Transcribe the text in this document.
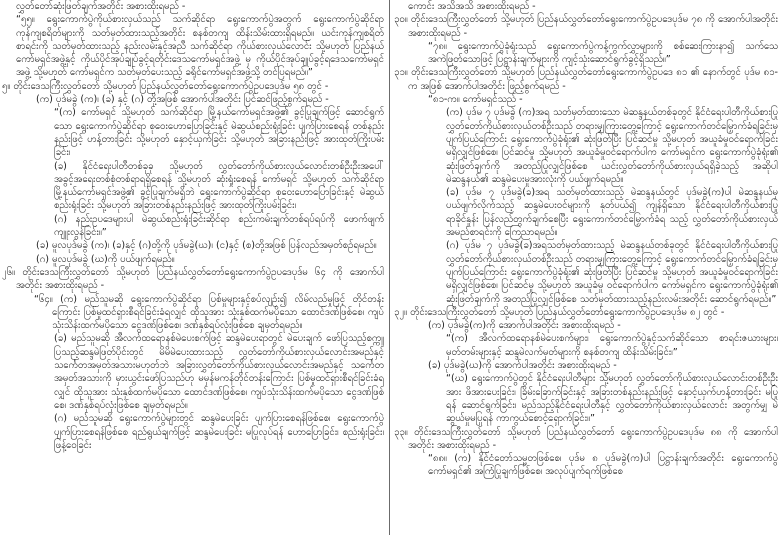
လွှတ်တော်ဆုံးဖြတ်ချက်အတိုင်း အစားထိုးရမည် -

“၅၅။ ရွေးကောက်ပွဲကိုယ်စားလှယ်သည် သက်ဆိုင်ရာ ရွေးကောက်ပွဲအတွက် ရွေးကောက်ပွဲဆိုင်ရာ ကုန်ကျစရိတ်များကို သတ်မှတ်ထားသည့်အတိုင်း စနစ်တကျ ထိန်းသိမ်းထားရှိရမည်။ ယင်းကုန်ကျစရိတ်စာရင်းကို သတ်မှတ်ထားသည့် နည်းလမ်းနှင့်အညီ သက်ဆိုင်ရာ ကိုယ်စားလှယ်လောင်း သို့မဟုတ် ပြည်နယ်ကော်မရှင်အဖွဲ့နှင့် ကိုယ်ပိုင်အုပ်ချုပ်ခွင့်ရတိုင်းဒေသကော်မရှင်အဖွဲ့ မှ ကိုယ်ပိုင်အုပ်ချုပ်ခွင့်ရဒေသကော်မရှင်အဖွဲ့ သို့မဟုတ် ကော်မရှင်က သတ်မှတ်ပေးသည့် ခရိုင်ကော်မရှင်အဖွဲ့သို့ တင်ပြရမည်။”

၅။ တိုင်းဒေသကြီးလွှတ်တော် သို့မဟုတ် ပြည်နယ်လွှတ်တော်ရွေးကောက်ပွဲဥပဒေပုဒ်မ ၅၈ တွင် -

(က) ပုဒ်မခွဲ (က)၊ (ခ) နှင့် (ဂ) တို့အဖြစ် အောက်ပါအတိုင်း ပြင်ဆင်ဖြည့်စွက်ရမည် -

“(က) ကော်မရှင် သို့မဟုတ် သက်ဆိုင်ရာ မြို့နယ်ကော်မရှင်အဖွဲ့၏ ခွင့်ပြုချက်ဖြင့် ဆောင်ရွက်သော ရွေးကောက်ပွဲဆိုင်ရာ စုဝေးဟောပြောခြင်းနှင့် မဲဆွယ်စည်းရုံးခြင်း ပျက်ပြားစေရန် တစ်နည်းနည်းဖြင့် ဟန့်တားခြင်း သို့မဟုတ် နှောင့်ယှက်ခြင်း သို့မဟုတ် အခြားနည်းဖြင့် အားထုတ်ကြိုးပမ်းခြင်း၊

(ခ) နိုင်ငံရေးပါတီတစ်ခုခု သို့မဟုတ် လွှတ်တော်ကိုယ်စားလှယ်လောင်းတစ်ဦးဦးအပေါ် အခွင့်အရေးတစ်စုံတစ်ရာရရှိစေရန် သို့မဟုတ် ဆုံးရှုံးစေရန် ကော်မရှင် သို့မဟုတ် သက်ဆိုင်ရာ မြို့နယ်ကော်မရှင်အဖွဲ့၏ ခွင့်ပြုချက်မရှိဘဲ ရွေးကောက်ပွဲဆိုင်ရာ စုဝေးဟောပြောခြင်းနှင့် မဲဆွယ်စည်းရုံးခြင်း သို့မဟုတ် အခြားတစ်နည်းနည်းဖြင့် အားထုတ်ကြိုးပမ်းခြင်း၊

(ဂ) နည်းဥပဒေများပါ မဲဆွယ်စည်းရုံးခြင်းဆိုင်ရာ စည်းကမ်းချက်တစ်ရပ်ရပ်ကို ဖောက်ဖျက်ကျူးလွန်ခြင်း။”

(ခ) မူလပုဒ်မခွဲ (က)၊ (ခ)နှင့် (ဂ)တို့ကို ပုဒ်မခွဲ(ဃ)၊ (င)နှင့် (စ)တို့အဖြစ် ပြန်လည်အမှတ်စဉ်ရမည်။

(ဂ) မူလပုဒ်မခွဲ (ဃ)ကို ပယ်ဖျက်ရမည်။

၂၆။ တိုင်းဒေသကြီးလွှတ်တော် သို့မဟုတ် ပြည်နယ်လွှတ်တော်ရွေးကောက်ပွဲဥပဒေပုဒ်မ ၆၄ ကို အောက်ပါအတိုင်း အစားထိုးရမည် -

“၆၄။ (က) မည်သူမဆို ရွေးကောက်ပွဲဆိုင်ရာ ပြစ်မှုများနှင့်စပ်လျဉ်း၍ လိမ်လည်မှုဖြင့် တိုင်တန်းကြောင်း ပြစ်မှုထင်ရှားစီရင်ခြင်းခံရလျှင် ထိုသူအား သုံးနှစ်ထက်မပိုသော ထောင်ဒဏ်ဖြစ်စေ၊ ကျပ်သုံးသိန်းထက်မပိုသော ငွေဒဏ်ဖြစ်စေ၊ ဒဏ်နှစ်ရပ်လုံးဖြစ်စေ ချမှတ်ရမည်။

(ခ) မည်သူမဆို အီလက်ထရောနစ်မဲပေးစက်ဖြင့် ဆန္ဒမဲပေးရာတွင် မဲပေးချက် ဖော်ပြသည့်စက္ကူ ပြသည့်ဆန္ဒမဲဖြတ်ပိုင်းတွင် မိမိမဲပေးထားသည့် လွှတ်တော်ကိုယ်စားလှယ်လောင်းအမည်နှင့် သင်္ကေတအမှတ်အသားမဟုတ်ဘဲ အခြားလွှတ်တော်ကိုယ်စားလှယ်လောင်းအမည်နှင့် သင်္ကေတအမှတ်အသားကို မှားယွင်းဖော်ပြသည်ဟု မမှန်မကန်တိုင်တန်းကြောင်း ပြစ်မှုထင်ရှားစီရင်ခြင်းခံရလျှင် ထိုသူအား သုံးနှစ်ထက်မပိုသော ထောင်ဒဏ်ဖြစ်စေ၊ ကျပ်သုံးသိန်းထက်မပိုသော ငွေဒဏ်ဖြစ်စေ၊ ဒဏ်နှစ်ရပ်လုံးဖြစ်စေ ချမှတ်ရမည်။

(ဂ) မည်သူမဆို ရွေးကောက်ပွဲများတွင် ဆန္ဒမဲပေးခြင်း ပျက်ပြားစေရန်ဖြစ်စေ၊ ရွေးကောက်ပွဲပျက်ပြားစေရန်ဖြစ်စေ ရည်ရွယ်ချက်ဖြင့် ဆန္ဒမဲပေးခြင်း မပြုလုပ်ရန် ဟောပြောခြင်း၊ စည်းရုံးခြင်း၊ ဖြန့်ဝေခြင်း

ကောင်း အသိအသိ အစားထိုးရမည် -

၃၀။ တိုင်းဒေသကြီးလွှတ်တော် သို့မဟုတ် ပြည်နယ်လွှတ်တော်ရွေးကောက်ပွဲဥပဒေပုဒ်မ ၇၈ ကို အောက်ပါအတိုင်း အစားထိုးရမည် -

“၇၈။ ရွေးကောက်ပွဲခုံရုံးသည် ရွေးကောက်ပွဲကန့်ကွက်လွှာများကို စစ်ဆေးကြားနာ၍ သက်သေအကဲဖြတ်သောဖြင့် ပြဋ္ဌာန်းချက်များကို ကျင့်သုံးဆောင်ရွက်ခွင့်ရှိသည်။”

၃၁။ တိုင်းဒေသကြီးလွှတ်တော် သို့မဟုတ် ပြည်နယ်လွှတ်တော်ရွေးကောက်ပွဲဥပဒေ ၈၁ ၏ နောက်တွင် ပုဒ်မ ၈၁-က အဖြစ် အောက်ပါအတိုင်း ဖြည့်စွက်ရမည် -

“၈၁-က။ ကော်မရှင်သည် -

(က) ပုဒ်မ ၇ ပုဒ်မခွဲ (က)အရ သတ်မှတ်ထားသော မဲဆန္ဒနယ်တစ်ခုတွင် နိုင်ငံရေးပါတီကိုယ်စားပြုလွှတ်တော်ကိုယ်စားလှယ်တစ်ဦးသည် တရားမျှကြားတွေ့ကြောင့် ရွေးကောက်တင်မြှောက်ခံရခြင်းမှ ပျက်ပြယ်ကြောင်း ရွေးကောက်ပွဲခုံရုံး၏ ဆုံးဖြတ်ပြီး ပြင်ဆင်မှု သို့မဟုတ် အယူခံမှုဝင်ရောက်ခြင်း မရှိလျှင်ဖြစ်စေ၊ ပြင်ဆင်မှု သို့မဟုတ် အယူခံမှုဝင်ရောက်ပါက ကော်မရှင်က ရွေးကောက်ပွဲခုံရုံး၏ ဆုံးဖြတ်ချက်ကို အတည်ပြုလျှင်ဖြစ်စေ ယင်းလွှတ်တော်ကိုယ်စားလှယ်ရရှိခဲ့သည့် အဆိုပါမဲဆန္ဒနယ်၏ ဆန္ဒမဲပေးမှုအားလုံးကို ပယ်ဖျက်ရမည်။

(ခ) ပုဒ်မ ၇ ပုဒ်မခွဲ(ခ)အရ သတ်မှတ်ထားသည့် မဲဆန္ဒနယ်တွင် ပုဒ်မခွဲ(က)ပါ မဲဆန္ဒနယ်မှ ပယ်ဖျက်လိုက်သည့် ဆန္ဒမဲပေးဝင်များကို နုတ်ပယ်၍ ကျန်ရှိသော နိုင်ငံရေးပါတီကိုယ်စားပြု ရာခိုင်နှုန်း ပြန်လည်တွက်ချက်စေပြီး ရွေးကောက်တင်မြှောက်ခံရ သည့် လွှတ်တော်ကိုယ်စားလှယ်အမည်စာရင်းကို ကြေညာရမည်။

(ဂ) ပုဒ်မ ၇ ပုဒ်မခွဲ(ခ)အရသတ်မှတ်ထားသည့် မဲဆန္ဒနယ်တစ်ခုတွင် နိုင်ငံရေးပါတီကိုယ်စားပြုလွှတ်တော်ကိုယ်စားလှယ်တစ်ဦးသည် တရားမျှကြားတွေ့ကြောင့် ရွေးကောက်တင်မြှောက်ခံရခြင်းမှ ပျက်ပြယ်ကြောင်း ရွေးကောက်ပွဲခုံရုံး၏ ဆုံးဖြတ်ပြီး ပြင်ဆင်မှု သို့မဟုတ် အယူခံမှုဝင်ရောက်ခြင်း မရှိလျှင်ဖြစ်စေ၊ ပြင်ဆင်မှု သို့မဟုတ် အယူခံမှု ဝင်ရောက်ပါက ကော်မရှင်က ရွေးကောက်ပွဲခုံရုံး၏ ဆုံးဖြတ်ချက်ကို အတည်ပြုလျှင်ဖြစ်စေ သတ်မှတ်ထားသည့်နည်းလမ်းအတိုင်း ဆောင်ရွက်ရမည်။”

၃၂။ တိုင်းဒေသကြီးလွှတ်တော် သို့မဟုတ် ပြည်နယ်လွှတ်တော်ရွေးကောက်ပွဲဥပဒေပုဒ်မ ၈၂ တွင် -

(က) ပုဒ်မခွဲ(က)ကို အောက်ပါအတိုင်း အစားထိုးရမည် -

“(က) အီလက်ထရောနစ်မဲပေးစက်များ၊ ရွေးကောက်ပွဲနှင့်သက်ဆိုင်သော စာရင်းဇယားများ၊ မှတ်တမ်းများနှင့် ဆန္ဒမဲလက်မှတ်များကို စနစ်တကျ ထိန်းသိမ်းခြင်း၊”

(ခ) ပုဒ်မခွဲ(ဃ)ကို အောက်ပါအတိုင်း အစားထိုးရမည် -

“(ဃ) ရွေးကောက်ပွဲတွင် နိုင်ငံရေးပါတီများ သို့မဟုတ် လွှတ်တော်ကိုယ်စားလှယ်လောင်းတစ်ဦးဦးအား ဖိအားပေးခြင်း၊ ခြိမ်းခြောက်ခြင်းနှင့် အခြားတစ်နည်းနည်းဖြင့် နှောင့်ယှက်ဟန့်တားခြင်း မပြုရန် ဆောင်ရွက်ခြင်း၊ မည်သည့်နိုင်ငံရေးပါတီနှင့် လွှတ်တော်ကိုယ်စားလှယ်လောင်း အတွက်မျှ မဲဆွယ်မှုမပြုရန် ကာကွယ်စောင့်ရှောက်ခြင်း။”

၃၃။ တိုင်းဒေသကြီးလွှတ်တော် သို့မဟုတ် ပြည်နယ်လွှတ်တော် ရွေးကောက်ပွဲဥပဒေပုဒ်မ ၈၈ ကို အောက်ပါအတိုင်း အစားထိုးရမည် -

“၈၈။ (က) နိုင်ငံတော်သမ္မတဖြစ်စေ၊ ပုဒ်မ ၈ ပုဒ်မခွဲ(က)ပါ ပြဋ္ဌာန်းချက်အတိုင်း ရွေးကောက်ပွဲကော်မရှင်၏ အကြံပြုချက်ဖြစ်စေ၊ အလုပ်ပျက်ရက်ဖြစ်စေ
